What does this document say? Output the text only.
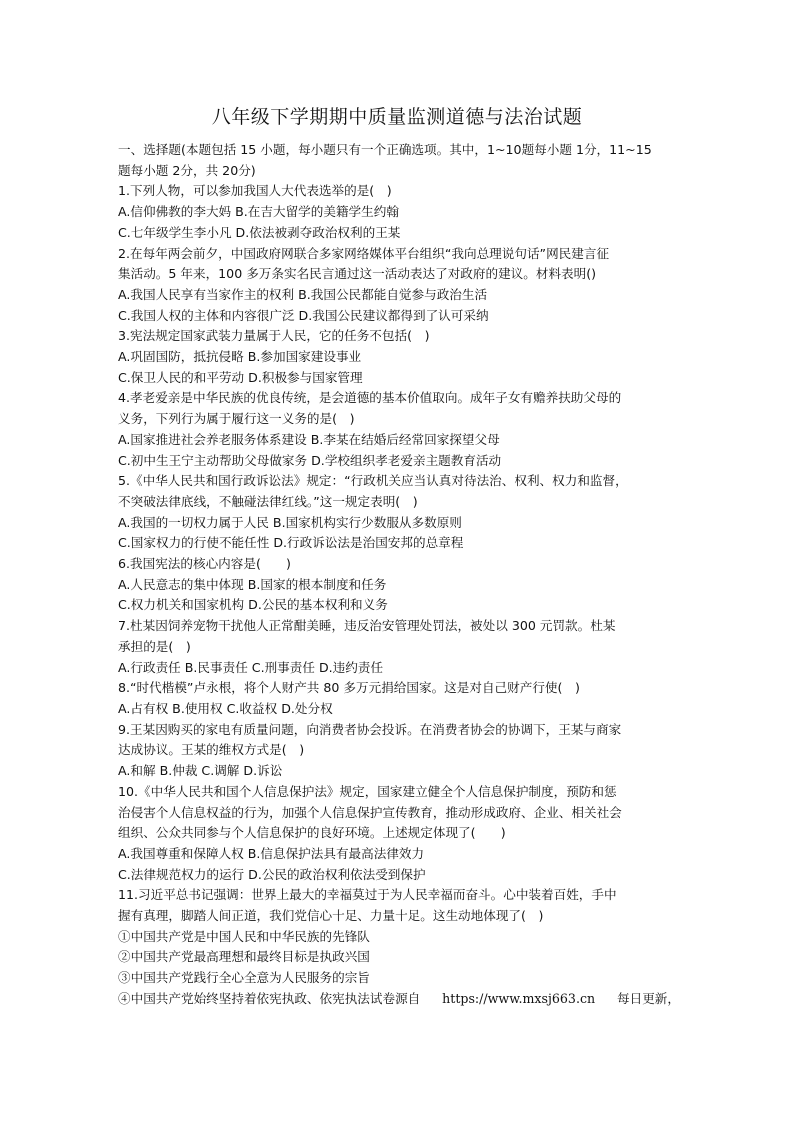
八年级下学期期中质量监测道德与法治试题
一、选择题(本题包括 15 小题，每小题只有一个正确选项。其中，1~10题每小题 1分，11~15
题每小题 2分，共 20分)
1.下列人物，可以参加我国人大代表选举的是(　)
A.信仰佛教的李大妈 B.在吉大留学的美籍学生约翰
C.七年级学生李小凡 D.依法被剥夺政治权利的王某
2.在每年两会前夕，中国政府网联合多家网络媒体平台组织“我向总理说句话”网民建言征
集活动。5 年来，100 多万条实名民言通过这一活动表达了对政府的建议。材料表明()
A.我国人民享有当家作主的权利 B.我国公民都能自觉参与政治生活
C.我国人权的主体和内容很广泛 D.我国公民建议都得到了认可采纳
3.宪法规定国家武装力量属于人民，它的任务不包括(　)
A.巩固国防，抵抗侵略 B.参加国家建设事业
C.保卫人民的和平劳动 D.积极参与国家管理
4.孝老爱亲是中华民族的优良传统，是会道德的基本价值取向。成年子女有赡养扶助父母的
义务，下列行为属于履行这一义务的是(　)
A.国家推进社会养老服务体系建设 B.李某在结婚后经常回家探望父母
C.初中生王宁主动帮助父母做家务 D.学校组织孝老爱亲主题教育活动
5.《中华人民共和国行政诉讼法》规定：“行政机关应当认真对待法治、权利、权力和监督，
不突破法律底线，不触碰法律红线。”这一规定表明(　)
A.我国的一切权力属于人民 B.国家机构实行少数服从多数原则
C.国家权力的行使不能任性 D.行政诉讼法是治国安邦的总章程
6.我国宪法的核心内容是(　　)
A.人民意志的集中体现 B.国家的根本制度和任务
C.权力机关和国家机构 D.公民的基本权利和义务
7.杜某因饲养宠物干扰他人正常酣美睡，违反治安管理处罚法，被处以 300 元罚款。杜某
承担的是(　)
A.行政责任 B.民事责任 C.刑事责任 D.违约责任
8.“时代楷模”卢永根，将个人财产共 80 多万元捐给国家。这是对自己财产行使(　)
A.占有权 B.使用权 C.收益权 D.处分权
9.王某因购买的家电有质量问题，向消费者协会投诉。在消费者协会的协调下，王某与商家
达成协议。王某的维权方式是(　)
A.和解 B.仲裁 C.调解 D.诉讼
10.《中华人民共和国个人信息保护法》规定，国家建立健全个人信息保护制度，预防和惩
治侵害个人信息权益的行为，加强个人信息保护宣传教育，推动形成政府、企业、相关社会
组织、公众共同参与个人信息保护的良好环境。上述规定体现了(　　)
A.我国尊重和保障人权 B.信息保护法具有最高法律效力
C.法律规范权力的运行 D.公民的政治权利依法受到保护
11.习近平总书记强调：世界上最大的幸福莫过于为人民幸福而奋斗。心中装着百姓，手中
握有真理，脚踏人间正道，我们党信心十足、力量十足。这生动地体现了(　)
①中国共产党是中国人民和中华民族的先锋队
②中国共产党最高理想和最终目标是执政兴国
③中国共产党践行全心全意为人民服务的宗旨
④中国共产党始终坚持着依宪执政、依宪执法试卷源自 https://www.mxsj663.cn 每日更新，
